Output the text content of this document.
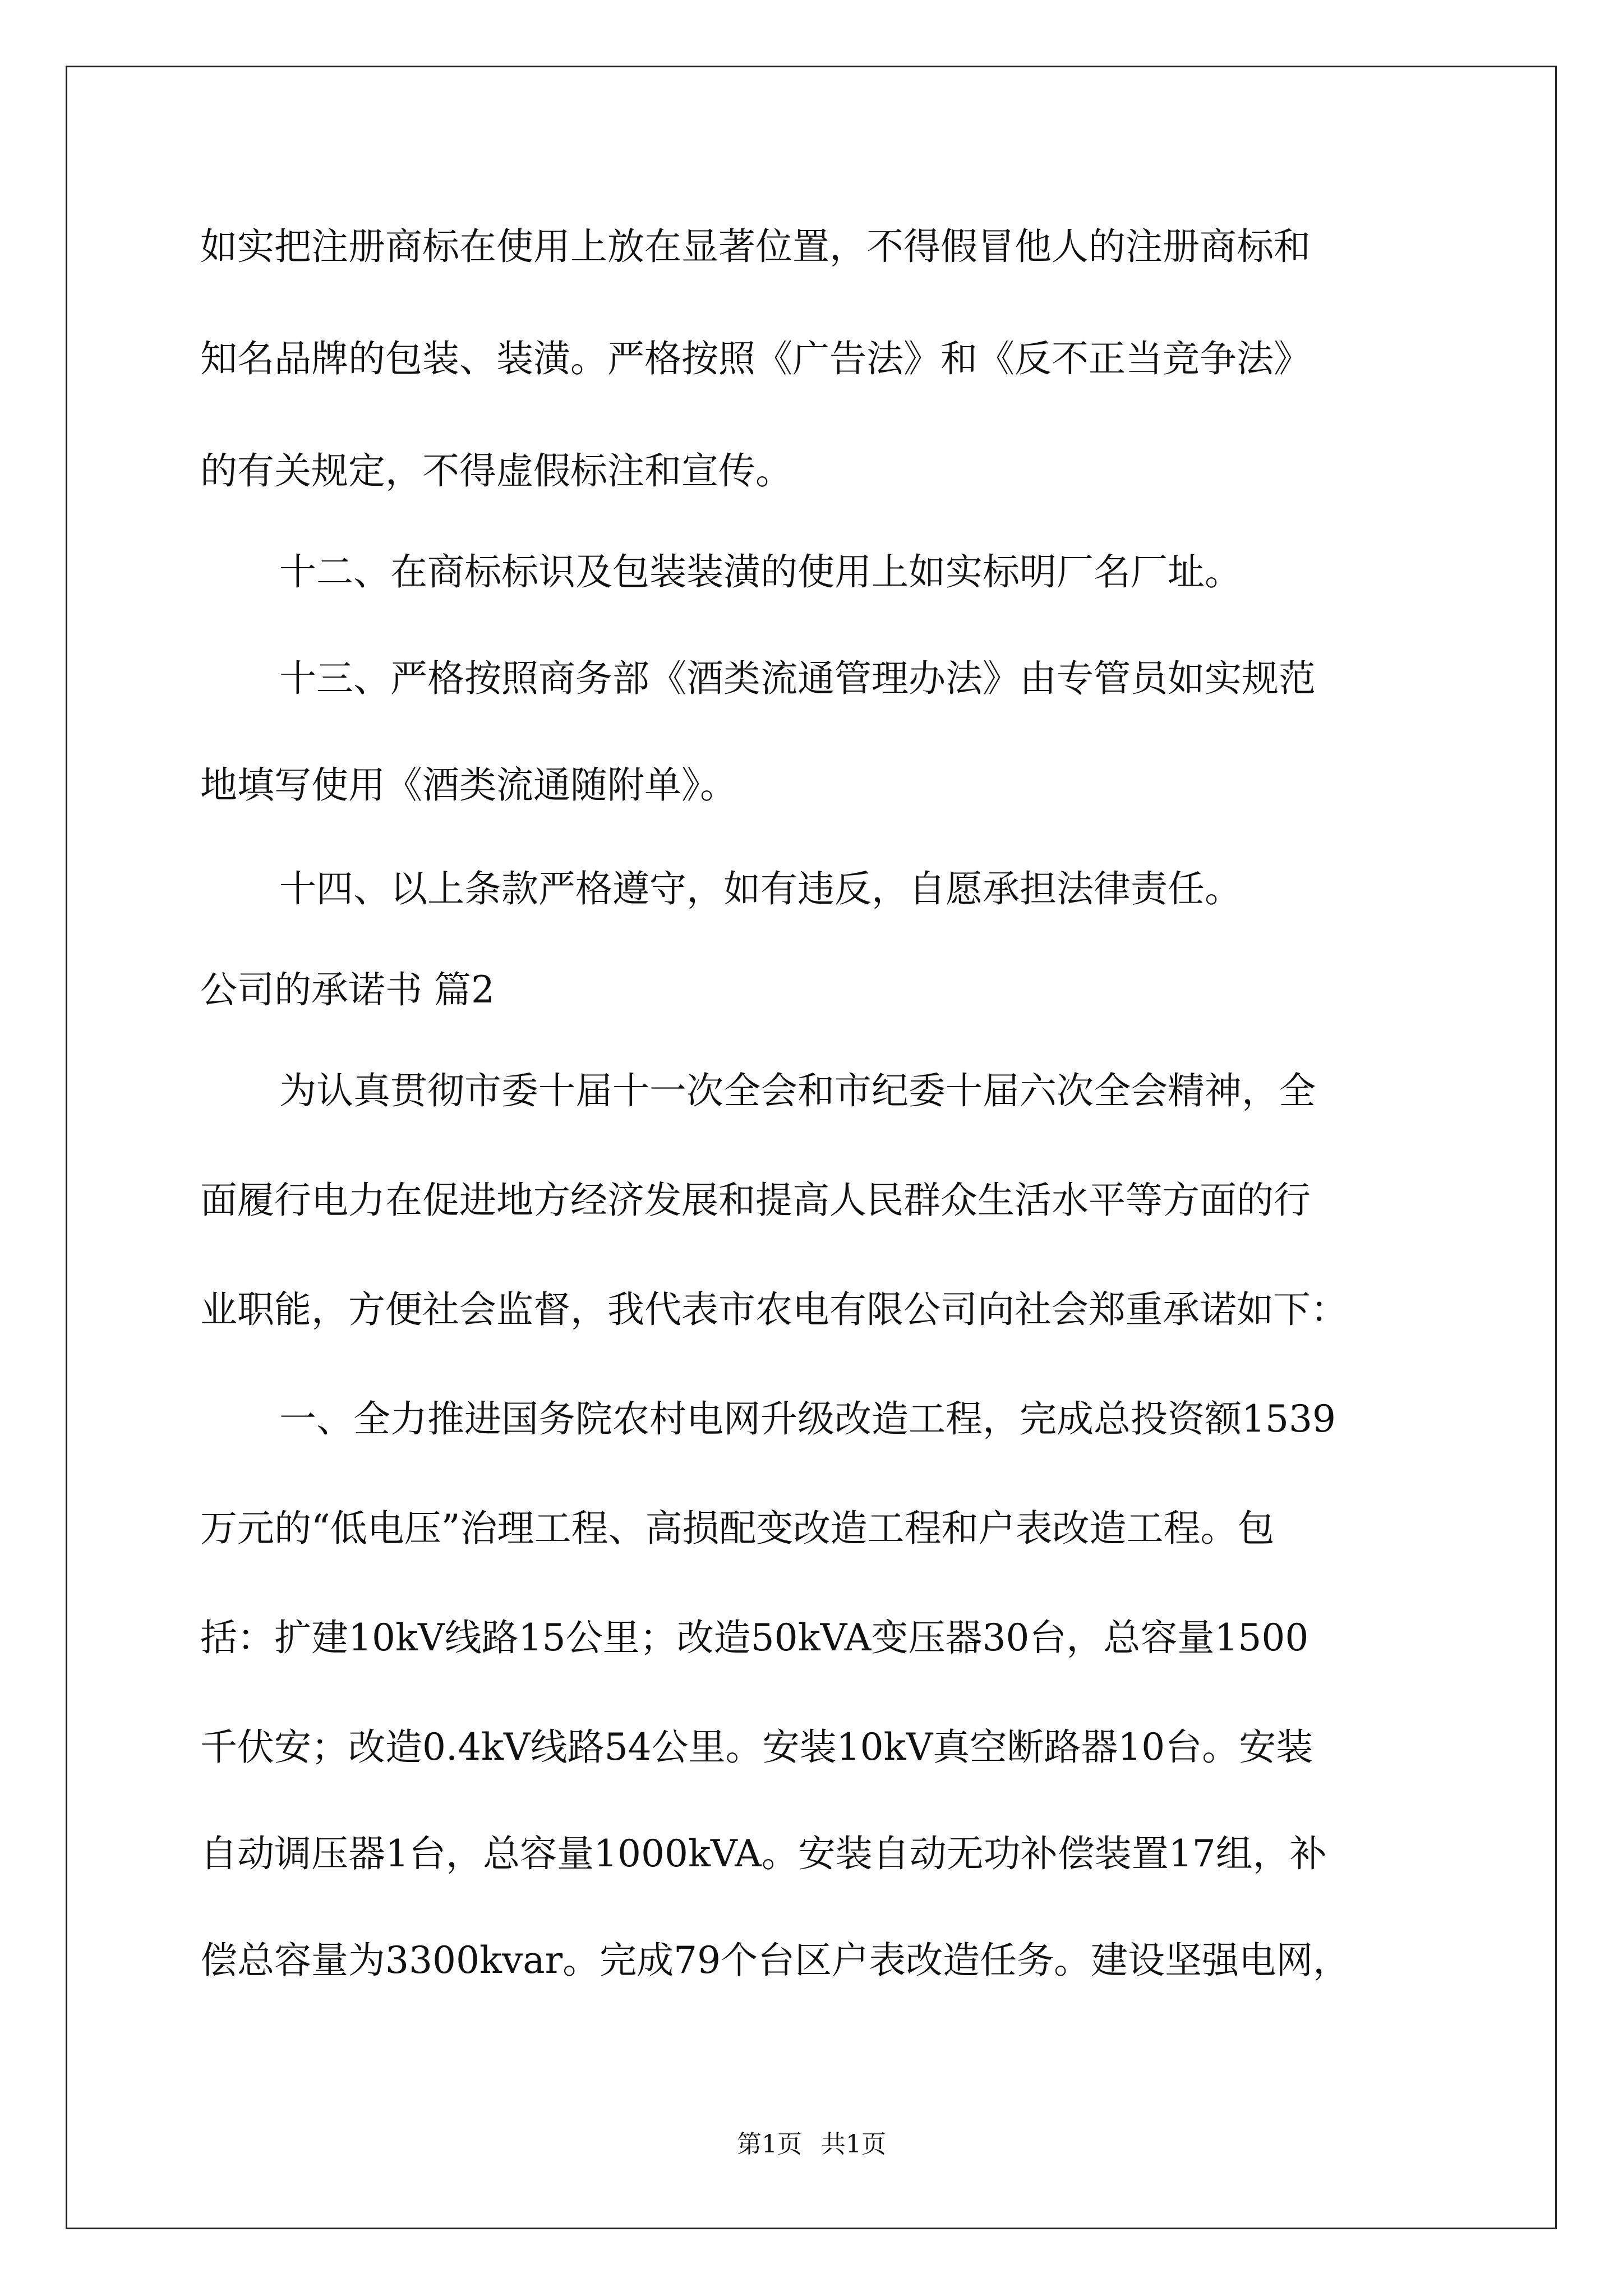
如实把注册商标在使用上放在显著位置，不得假冒他人的注册商标和
知名品牌的包装、装潢。严格按照《广告法》和《反不正当竞争法》
的有关规定，不得虚假标注和宣传。
十二、在商标标识及包装装潢的使用上如实标明厂名厂址。
十三、严格按照商务部《酒类流通管理办法》由专管员如实规范
地填写使用《酒类流通随附单》。
十四、以上条款严格遵守，如有违反，自愿承担法律责任。
公司的承诺书 篇2
为认真贯彻市委十届十一次全会和市纪委十届六次全会精神，全
面履行电力在促进地方经济发展和提高人民群众生活水平等方面的行
业职能，方便社会监督，我代表市农电有限公司向社会郑重承诺如下：
一、全力推进国务院农村电网升级改造工程，完成总投资额1539
万元的“低电压”治理工程、高损配变改造工程和户表改造工程。包
括：扩建10kV线路15公里；改造50kVA变压器30台，总容量1500
千伏安；改造0.4kV线路54公里。安装10kV真空断路器10台。安装
自动调压器1台，总容量1000kVA。安装自动无功补偿装置17组，补
偿总容量为3300kvar。完成79个台区户表改造任务。建设坚强电网，
第1页 共1页
